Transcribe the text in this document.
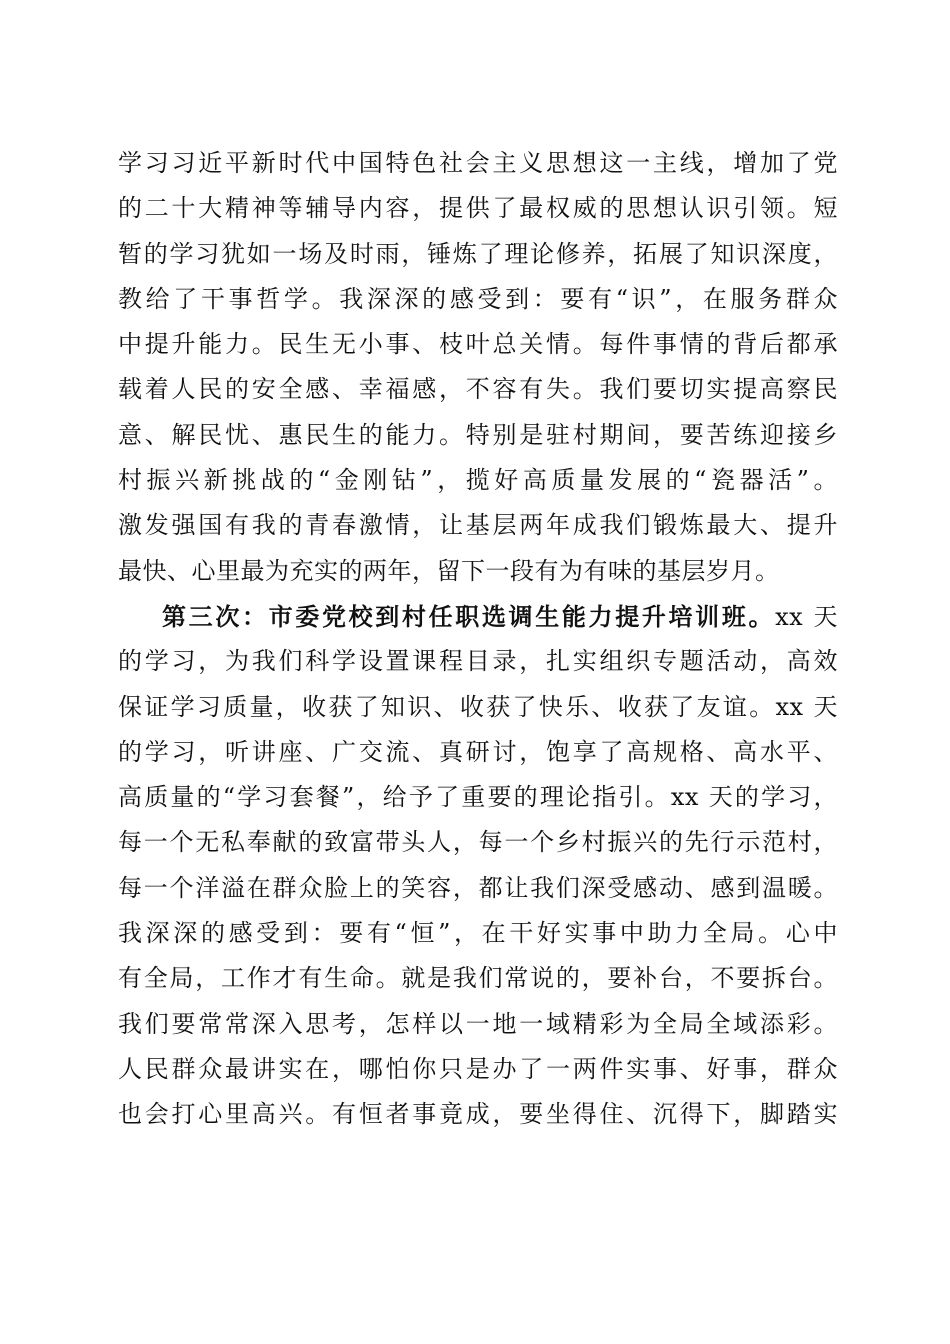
学习习近平新时代中国特色社会主义思想这一主线，增加了党
的二十大精神等辅导内容，提供了最权威的思想认识引领。短
暂的学习犹如一场及时雨，锤炼了理论修养，拓展了知识深度，
教给了干事哲学。我深深的感受到：要有“识”，在服务群众
中提升能力。民生无小事、枝叶总关情。每件事情的背后都承
载着人民的安全感、幸福感，不容有失。我们要切实提高察民
意、解民忧、惠民生的能力。特别是驻村期间，要苦练迎接乡
村振兴新挑战的“金刚钻”，揽好高质量发展的“瓷器活”。
激发强国有我的青春激情，让基层两年成我们锻炼最大、提升
最快、心里最为充实的两年，留下一段有为有味的基层岁月。
第三次：市委党校到村任职选调生能力提升培训班。xx 天
的学习，为我们科学设置课程目录，扎实组织专题活动，高效
保证学习质量，收获了知识、收获了快乐、收获了友谊。xx 天
的学习，听讲座、广交流、真研讨，饱享了高规格、高水平、
高质量的“学习套餐”，给予了重要的理论指引。xx 天的学习，
每一个无私奉献的致富带头人，每一个乡村振兴的先行示范村，
每一个洋溢在群众脸上的笑容，都让我们深受感动、感到温暖。
我深深的感受到：要有“恒”，在干好实事中助力全局。心中
有全局，工作才有生命。就是我们常说的，要补台，不要拆台。
我们要常常深入思考，怎样以一地一域精彩为全局全域添彩。
人民群众最讲实在，哪怕你只是办了一两件实事、好事，群众
也会打心里高兴。有恒者事竟成，要坐得住、沉得下，脚踏实
